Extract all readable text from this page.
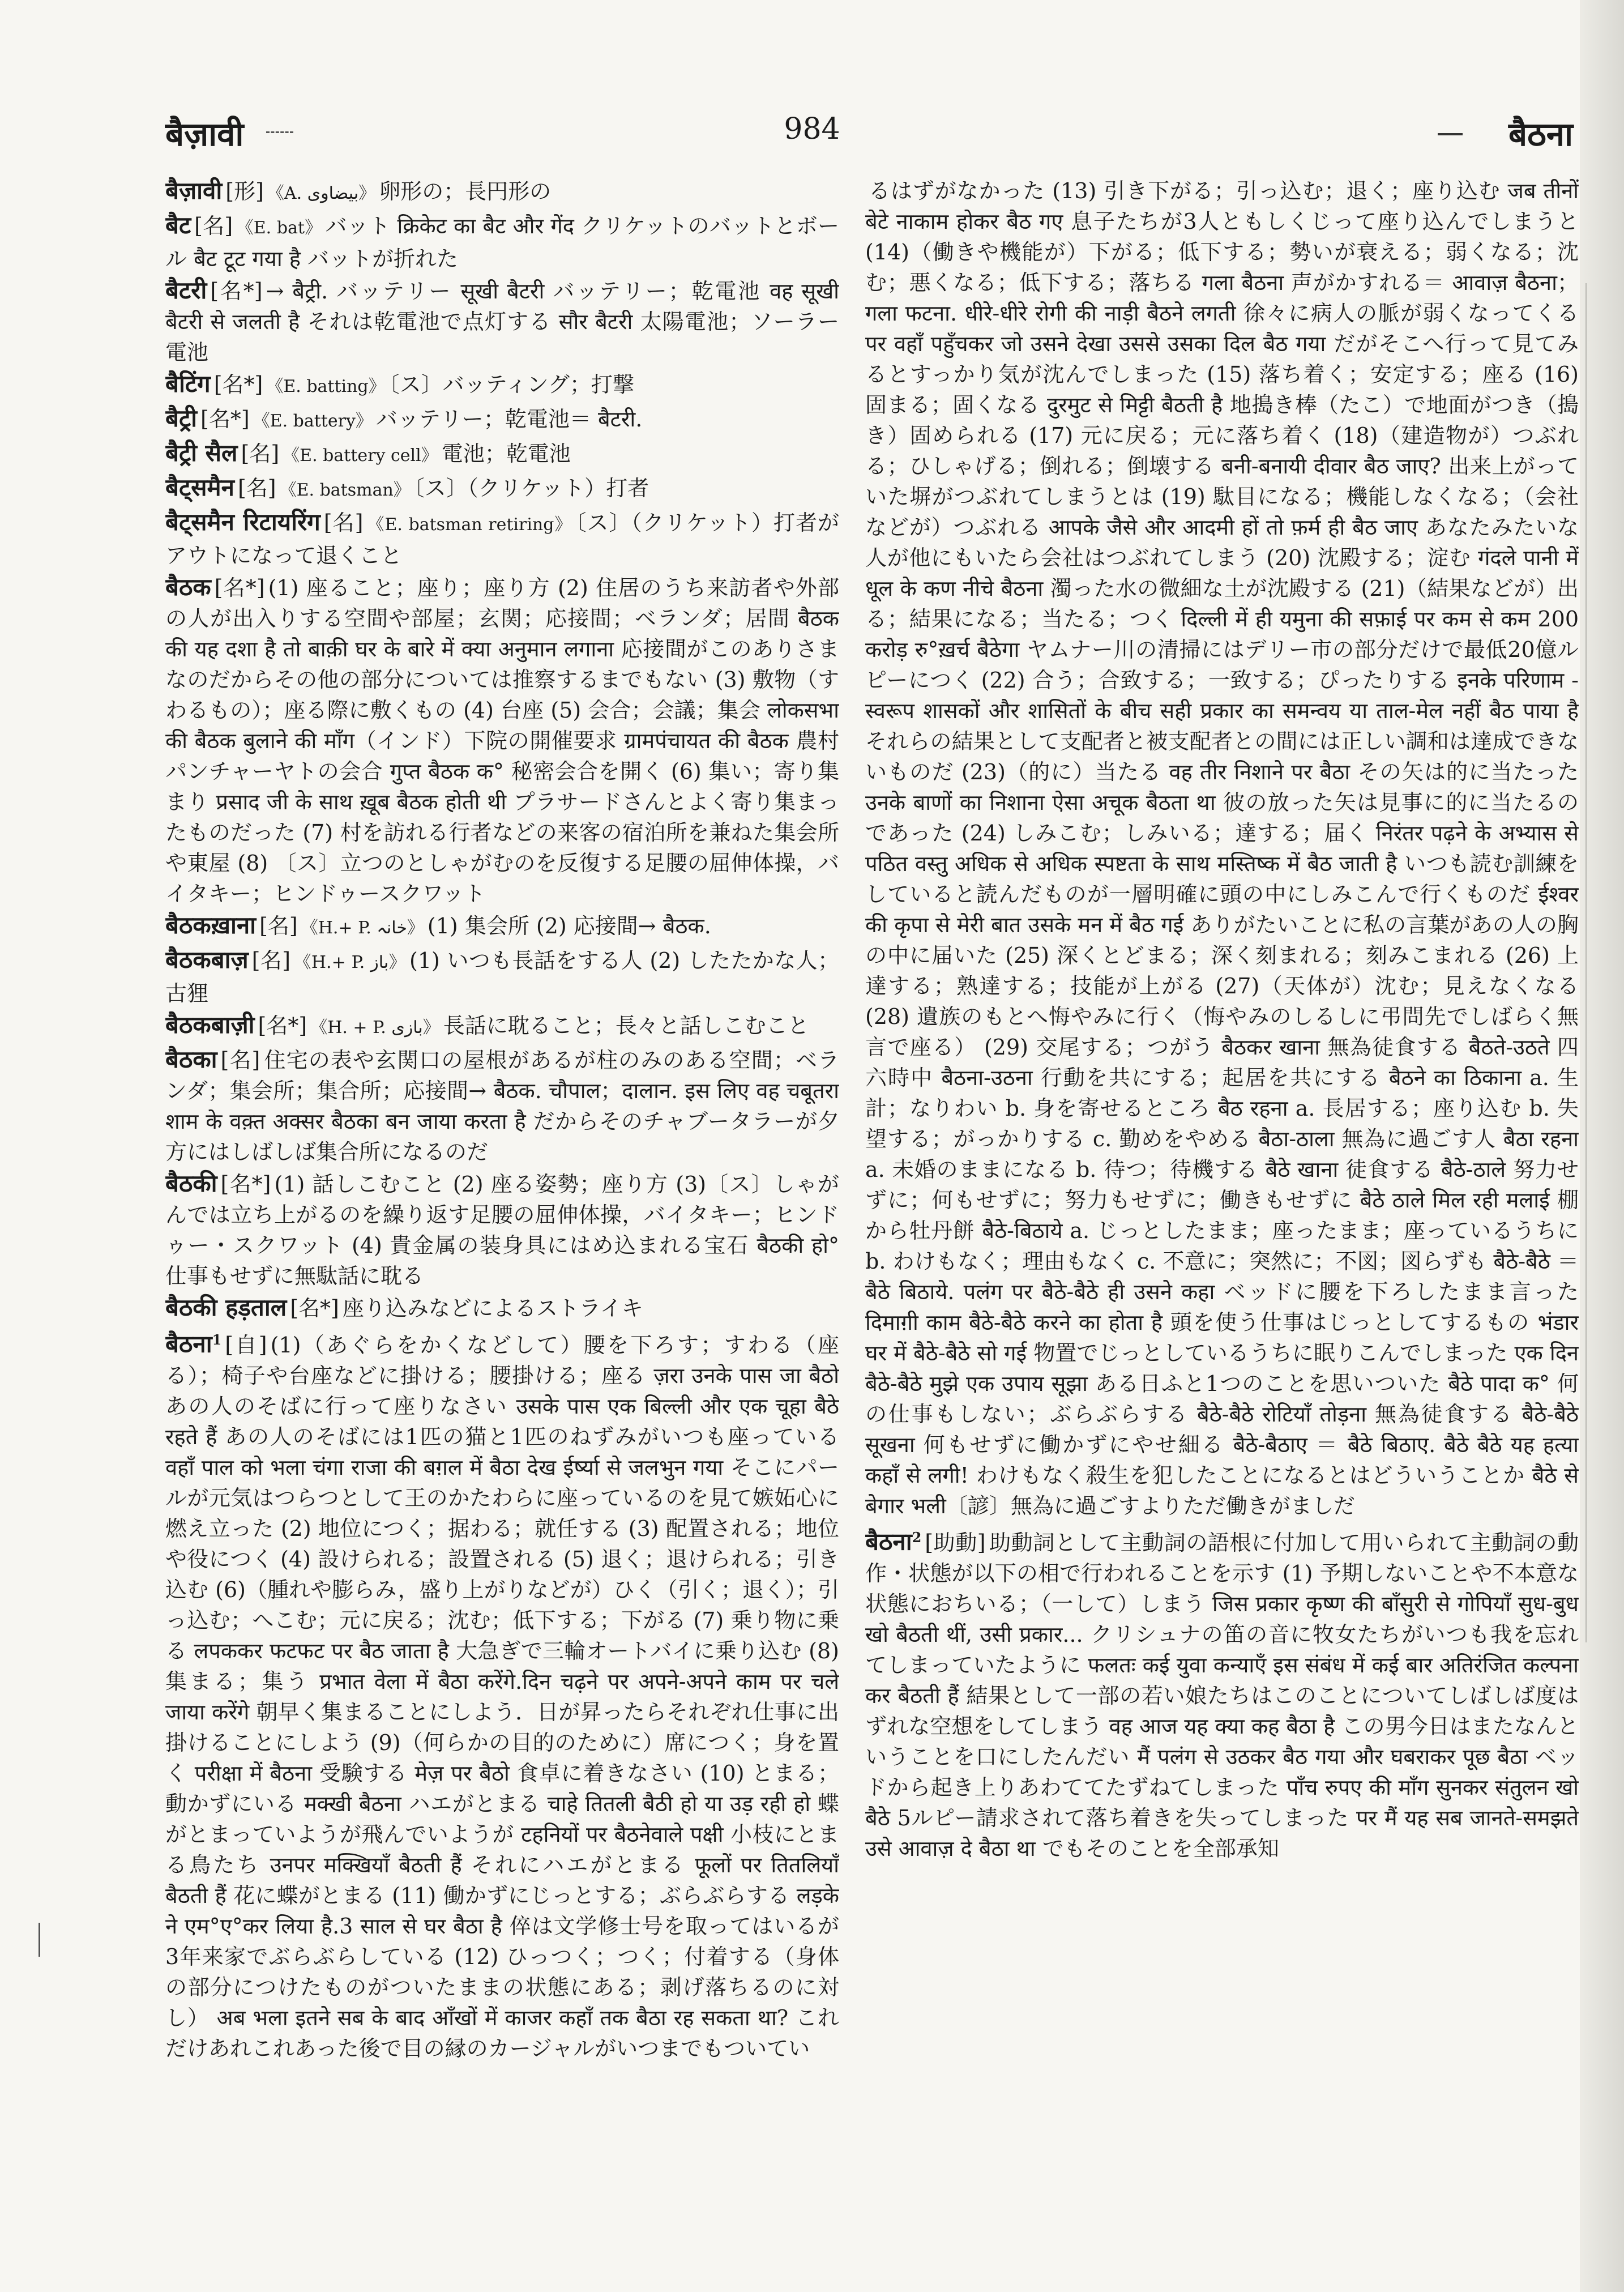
बैज़ावी	984	बैठना
बैज़ावी [形] 《A. بیضاوی》 卵形の；長円形の
बैट [名] 《E. bat》 バット क्रिकेट का बैट और गेंद クリケットのバットとボール बैट टूट गया है バットが折れた
बैटरी [名*] → बैट्री. バッテリー सूखी बैटरी バッテリー；乾電池 वह सूखी बैटरी से जलती है それは乾電池で点灯する सौर बैटरी 太陽電池；ソーラー電池
बैटिंग [名*] 《E. batting》 〔ス〕バッティング；打撃
बैट्री [名*] 《E. battery》 バッテリー；乾電池＝ बैटरी.
बैट्री सैल [名] 《E. battery cell》 電池；乾電池
बैट्समैन [名] 《E. batsman》 〔ス〕（クリケット）打者
बैट्समैन रिटायरिंग [名] 《E. batsman retiring》 〔ス〕（クリケット）打者がアウトになって退くこと
बैठक [名*] (1) 座ること；座り；座り方 (2) 住居のうち来訪者や外部の人が出入りする空間や部屋；玄関；応接間；ベランダ；居間 बैठक की यह दशा है तो बाक़ी घर के बारे में क्या अनुमान लगाना 応接間がこのありさまなのだからその他の部分については推察するまでもない (3) 敷物（すわるもの）；座る際に敷くもの (4) 台座 (5) 会合；会議；集会 लोकसभा की बैठक बुलाने की माँग（インド）下院の開催要求 ग्रामपंचायत की बैठक 農村パンチャーヤトの会合 गुप्त बैठक क° 秘密会合を開く (6) 集い；寄り集まり प्रसाद जी के साथ ख़ूब बैठक होती थी プラサードさんとよく寄り集まったものだった (7) 村を訪れる行者などの来客の宿泊所を兼ねた集会所や東屋 (8) 〔ス〕立つのとしゃがむのを反復する足腰の屈伸体操，バイタキー；ヒンドゥースクワット
बैठकख़ाना [名] 《H.+ P. خانہ》 (1) 集会所 (2) 応接間→ बैठक.
बैठकबाज़ [名] 《H.+ P. باز》 (1) いつも長話をする人 (2) したたかな人；古狸
बैठकबाज़ी [名*] 《H. + P. بازی》 長話に耽ること；長々と話しこむこと
बैठका [名] 住宅の表や玄関口の屋根があるが柱のみのある空間；ベランダ；集会所；集合所；応接間→ बैठक. चौपाल；दालान. इस लिए वह चबूतरा शाम के वक़्त अक्सर बैठका बन जाया करता है だからそのチャブータラーが夕方にはしばしば集合所になるのだ
बैठकी [名*] (1) 話しこむこと (2) 座る姿勢；座り方 (3)〔ス〕しゃがんでは立ち上がるのを繰り返す足腰の屈伸体操，バイタキー；ヒンドゥー・スクワット (4) 貴金属の装身具にはめ込まれる宝石 बैठकी हो° 仕事もせずに無駄話に耽る
बैठकी हड़ताल [名*] 座り込みなどによるストライキ
बैठना$^1$ [自] (1)（あぐらをかくなどして）腰を下ろす；すわる（座る）；椅子や台座などに掛ける；腰掛ける；座る ज़रा उनके पास जा बैठो あの人のそばに行って座りなさい उसके पास एक बिल्ली और एक चूहा बैठे रहते हैं あの人のそばには1匹の猫と1匹のねずみがいつも座っている वहाँ पाल को भला चंगा राजा की बग़ल में बैठा देख ईर्ष्या से जलभुन गया そこにパールが元気はつらつとして王のかたわらに座っているのを見て嫉妬心に燃え立った (2) 地位につく；据わる；就任する (3) 配置される；地位や役につく (4) 設けられる；設置される (5) 退く；退けられる；引き込む (6)（腫れや膨らみ，盛り上がりなどが）ひく（引く；退く）；引っ込む；へこむ；元に戻る；沈む；低下する；下がる (7) 乗り物に乗る लपककर फटफट पर बैठ जाता है 大急ぎで三輪オートバイに乗り込む (8) 集まる；集う प्रभात वेला में बैठा करेंगे.दिन चढ़ने पर अपने-अपने काम पर चले जाया करेंगे 朝早く集まることにしよう．日が昇ったらそれぞれ仕事に出掛けることにしよう (9)（何らかの目的のために）席につく；身を置く परीक्षा में बैठना 受験する मेज़ पर बैठो 食卓に着きなさい (10) とまる；動かずにいる मक्खी बैठना ハエがとまる चाहे तितली बैठी हो या उड़ रही हो 蝶がとまっていようが飛んでいようが टहनियों पर बैठनेवाले पक्षी 小枝にとまる鳥たち उनपर मक्खियाँ बैठती हैं それにハエがとまる फूलों पर तितलियाँ बैठती हैं 花に蝶がとまる (11) 働かずにじっとする；ぶらぶらする लड़के ने एम°ए°कर लिया है.3 साल से घर बैठा है 倅は文学修士号を取ってはいるが3年来家でぶらぶらしている (12) ひっつく；つく；付着する（身体の部分につけたものがついたままの状態にある；剥げ落ちるのに対し） अब भला इतने सब के बाद आँखों में काजर कहाँ तक बैठा रह सकता था? これだけあれこれあった後で目の縁のカージャルがいつまでもついてい
るはずがなかった (13) 引き下がる；引っ込む；退く；座り込む जब तीनों बेटे नाकाम होकर बैठ गए 息子たちが3人ともしくじって座り込んでしまうと (14)（働きや機能が）下がる；低下する；勢いが衰える；弱くなる；沈む；悪くなる；低下する；落ちる गला बैठना 声がかすれる＝ आवाज़ बैठना；गला फटना. धीरे-धीरे रोगी की नाड़ी बैठने लगती 徐々に病人の脈が弱くなってくる पर वहाँ पहुँचकर जो उसने देखा उससे उसका दिल बैठ गया だがそこへ行って見てみるとすっかり気が沈んでしまった (15) 落ち着く；安定する；座る (16) 固まる；固くなる दुरमुट से मिट्टी बैठती है 地搗き棒（たこ）で地面がつき（搗き）固められる (17) 元に戻る；元に落ち着く (18)（建造物が）つぶれる；ひしゃげる；倒れる；倒壊する बनी-बनायी दीवार बैठ जाए? 出来上がっていた塀がつぶれてしまうとは (19) 駄目になる；機能しなくなる；（会社などが）つぶれる आपके जैसे और आदमी हों तो फ़र्म ही बैठ जाए あなたみたいな人が他にもいたら会社はつぶれてしまう (20) 沈殿する；淀む गंदले पानी में धूल के कण नीचे बैठना 濁った水の微細な土が沈殿する (21)（結果などが）出る；結果になる；当たる；つく दिल्ली में ही यमुना की सफ़ाई पर कम से कम 200 करोड़ रु°ख़र्च बैठेगा ヤムナー川の清掃にはデリー市の部分だけで最低20億ルピーにつく (22) 合う；合致する；一致する；ぴったりする इनके परिणाम - स्वरूप शासकों और शासितों के बीच सही प्रकार का समन्वय या ताल-मेल नहीं बैठ पाया है それらの結果として支配者と被支配者との間には正しい調和は達成できないものだ (23)（的に）当たる वह तीर निशाने पर बैठा その矢は的に当たった उनके बाणों का निशाना ऐसा अचूक बैठता था 彼の放った矢は見事に的に当たるのであった (24) しみこむ；しみいる；達する；届く निरंतर पढ़ने के अभ्यास से पठित वस्तु अधिक से अधिक स्पष्टता के साथ मस्तिष्क में बैठ जाती है いつも読む訓練をしていると読んだものが一層明確に頭の中にしみこんで行くものだ ईश्वर की कृपा से मेरी बात उसके मन में बैठ गई ありがたいことに私の言葉があの人の胸の中に届いた (25) 深くとどまる；深く刻まれる；刻みこまれる (26) 上達する；熟達する；技能が上がる (27)（天体が）沈む；見えなくなる (28) 遺族のもとへ悔やみに行く（悔やみのしるしに弔問先でしばらく無言で座る） (29) 交尾する；つがう बैठकर खाना 無為徒食する बैठते-उठते 四六時中 बैठना-उठना 行動を共にする；起居を共にする बैठने का ठिकाना a. 生計；なりわい b. 身を寄せるところ बैठ रहना a. 長居する；座り込む b. 失望する；がっかりする c. 勤めをやめる बैठा-ठाला 無為に過ごす人 बैठा रहना a. 未婚のままになる b. 待つ；待機する बैठे खाना 徒食する बैठे-ठाले 努力せずに；何もせずに；努力もせずに；働きもせずに बैठे ठाले मिल रही मलाई 棚から牡丹餅 बैठे-बिठाये a. じっとしたまま；座ったまま；座っているうちに b. わけもなく；理由もなく c. 不意に；突然に；不図；図らずも बैठे-बैठे ＝ बैठे बिठाये. पलंग पर बैठे-बैठे ही उसने कहा ベッドに腰を下ろしたまま言った दिमाग़ी काम बैठे-बैठे करने का होता है 頭を使う仕事はじっとしてするもの भंडार घर में बैठे-बैठे सो गई 物置でじっとしているうちに眠りこんでしまった एक दिन बैठे-बैठे मुझे एक उपाय सूझा ある日ふと1つのことを思いついた बैठे पादा क° 何の仕事もしない；ぶらぶらする बैठे-बैठे रोटियाँ तोड़ना 無為徒食する बैठे-बैठे सूखना 何もせずに働かずにやせ細る बैठे-बैठाए ＝ बैठे बिठाए. बैठे बैठे यह हत्या कहाँ से लगी! わけもなく殺生を犯したことになるとはどういうことか बैठे से बेगार भली〔諺〕無為に過ごすよりただ働きがましだ
बैठना$^2$ [助動] 助動詞として主動詞の語根に付加して用いられて主動詞の動作・状態が以下の相で行われることを示す (1) 予期しないことや不本意な状態におちいる；（一して）しまう जिस प्रकार कृष्ण की बाँसुरी से गोपियाँ सुध-बुध खो बैठती थीं, उसी प्रकार... クリシュナの笛の音に牧女たちがいつも我を忘れてしまっていたように फलतः कई युवा कन्याएँ इस संबंध में कई बार अतिरंजित कल्पना कर बैठती हैं 結果として一部の若い娘たちはこのことについてしばしば度はずれな空想をしてしまう वह आज यह क्या कह बैठा है この男今日はまたなんということを口にしたんだい मैं पलंग से उठकर बैठ गया और घबराकर पूछ बैठा ベッドから起き上りあわててたずねてしまった पाँच रुपए की माँग सुनकर संतुलन खो बैठे 5ルピー請求されて落ち着きを失ってしまった पर मैं यह सब जानते-समझते उसे आवाज़ दे बैठा था でもそのことを全部承知
